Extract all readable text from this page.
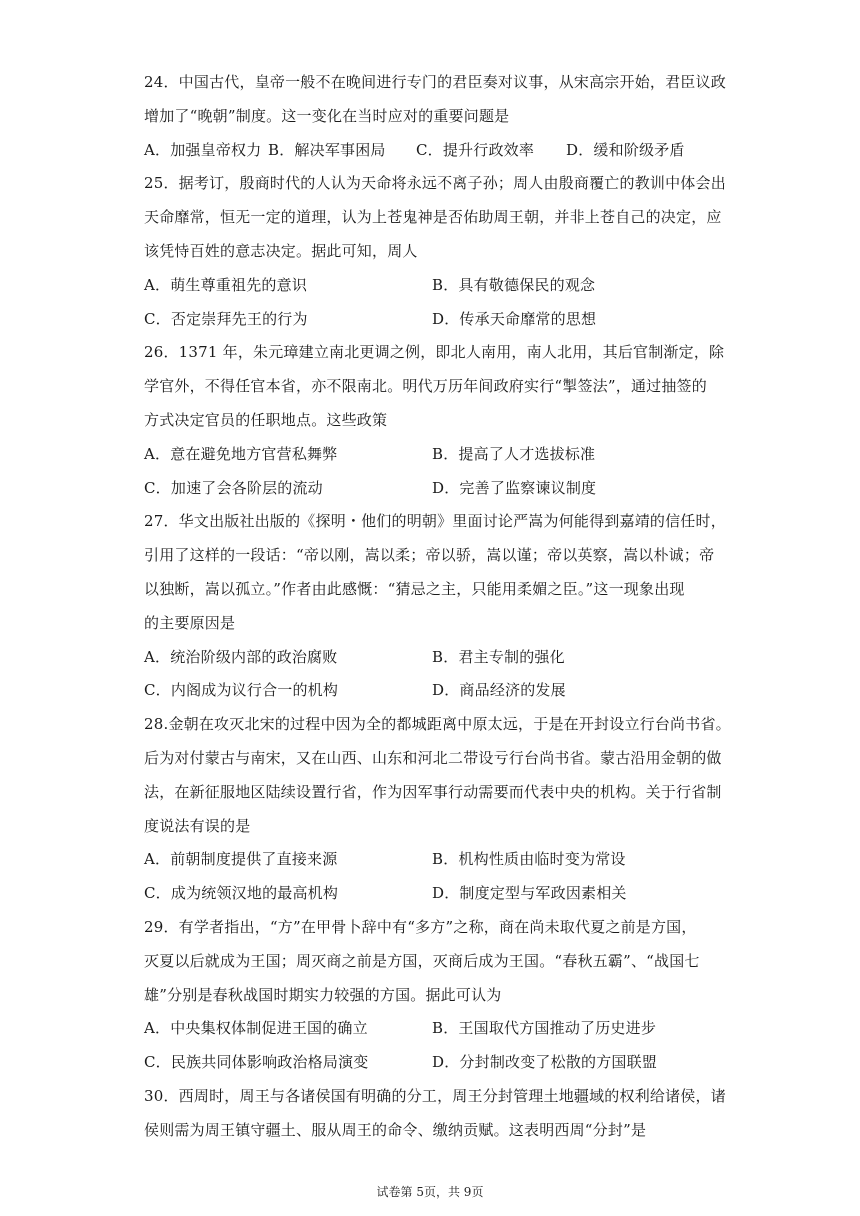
24．中国古代，皇帝一般不在晚间进行专门的君臣奏对议事，从宋高宗开始，君臣议政
增加了“晚朝”制度。这一变化在当时应对的重要问题是
A．加强皇帝权力 B．解决军事困局	C．提升行政效率	D．缓和阶级矛盾
25．据考订，殷商时代的人认为天命将永远不离子孙；周人由殷商覆亡的教训中体会出
天命靡常，恒无一定的道理，认为上苍鬼神是否佑助周王朝，并非上苍自己的决定，应
该凭恃百姓的意志决定。据此可知，周人
A．萌生尊重祖先的意识	B．具有敬德保民的观念
C．否定崇拜先王的行为	D．传承天命靡常的思想
26．1371 年，朱元璋建立南北更调之例，即北人南用，南人北用，其后官制渐定，除
学官外，不得任官本省，亦不限南北。明代万历年间政府实行“掣签法”，通过抽签的
方式决定官员的任职地点。这些政策
A．意在避免地方官营私舞弊	B．提高了人才选拔标准
C．加速了会各阶层的流动	D．完善了监察谏议制度
27．华文出版社出版的《探明・他们的明朝》里面讨论严嵩为何能得到嘉靖的信任时，
引用了这样的一段话：“帝以刚，嵩以柔；帝以骄，嵩以谨；帝以英察，嵩以朴诚；帝
以独断，嵩以孤立。”作者由此感慨：“猜忌之主，只能用柔媚之臣。”这一现象出现
的主要原因是
A．统治阶级内部的政治腐败	B．君主专制的强化
C．内阁成为议行合一的机构	D．商品经济的发展
28.金朝在攻灭北宋的过程中因为全的都城距离中原太远，于是在开封设立行台尚书省。
后为对付蒙古与南宋，又在山西、山东和河北二带设亏行台尚书省。蒙古沿用金朝的做
法，在新征服地区陆续设置行省，作为因军事行动需要而代表中央的机构。关于行省制
度说法有误的是
A．前朝制度提供了直接来源	B．机构性质由临时变为常设
C．成为统领汉地的最高机构	D．制度定型与军政因素相关
29．有学者指出，“方”在甲骨卜辞中有“多方”之称，商在尚未取代夏之前是方国，
灭夏以后就成为王国；周灭商之前是方国，灭商后成为王国。“春秋五霸”、“战国七
雄”分别是春秋战国时期实力较强的方国。据此可认为
A．中央集权体制促进王国的确立	B．王国取代方国推动了历史进步
C．民族共同体影响政治格局演变	D．分封制改变了松散的方国联盟
30．西周时，周王与各诸侯国有明确的分工，周王分封管理土地疆域的权利给诸侯，诸
侯则需为周王镇守疆土、服从周王的命令、缴纳贡赋。这表明西周“分封”是
试卷第 5页，共 9页
